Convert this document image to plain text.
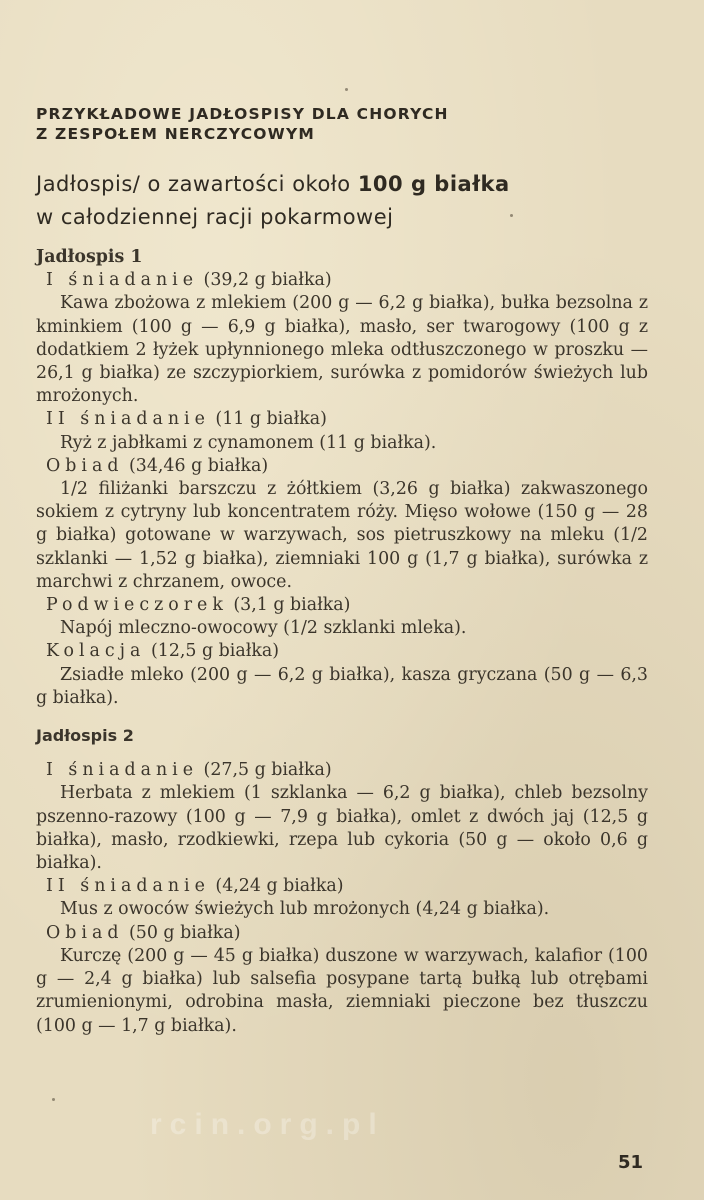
PRZYKŁADOWE JADŁOSPISY DLA CHORYCH
Z ZESPOŁEM NERCZYCOWYM
Jadłospis/ o zawartości około 100 g białka
w całodziennej racji pokarmowej

Jadłospis 1

I śniadanie (39,2 g białka)

Kawa zbożowa z mlekiem (200 g — 6,2 g białka), bułka bezsolna z kminkiem (100 g — 6,9 g białka), masło, ser twarogowy (100 g z dodatkiem 2 łyżek upłynnionego mleka odtłuszczonego w proszku — 26,1 g białka) ze szczypiorkiem, surówka z pomidorów świeżych lub mrożonych.

II śniadanie (11 g białka)

Ryż z jabłkami z cynamonem (11 g białka).

Obiad (34,46 g białka)

1/2 filiżanki barszczu z żółtkiem (3,26 g białka) zakwaszonego sokiem z cytryny lub koncentratem róży. Mięso wołowe (150 g — 28 g białka) gotowane w warzywach, sos pietruszkowy na mleku (1/2 szklanki — 1,52 g białka), ziemniaki 100 g (1,7 g białka), surówka z marchwi z chrzanem, owoce.

Podwieczorek (3,1 g białka)

Napój mleczno-owocowy (1/2 szklanki mleka).

Kolacja (12,5 g białka)

Zsiadłe mleko (200 g — 6,2 g białka), kasza gryczana (50 g — 6,3 g białka).

Jadłospis 2

I śniadanie (27,5 g białka)

Herbata z mlekiem (1 szklanka — 6,2 g białka), chleb bezsolny pszenno-razowy (100 g — 7,9 g białka), omlet z dwóch jaj (12,5 g białka), masło, rzodkiewki, rzepa lub cykoria (50 g — około 0,6 g białka).

II śniadanie (4,24 g białka)

Mus z owoców świeżych lub mrożonych (4,24 g białka).

Obiad (50 g białka)

Kurczę (200 g — 45 g białka) duszone w warzywach, kalafior (100 g — 2,4 g białka) lub salsefia posypane tartą bułką lub otrębami zrumienionymi, odrobina masła, ziemniaki pieczone bez tłuszczu (100 g — 1,7 g białka).

rcin.org.pl
51
